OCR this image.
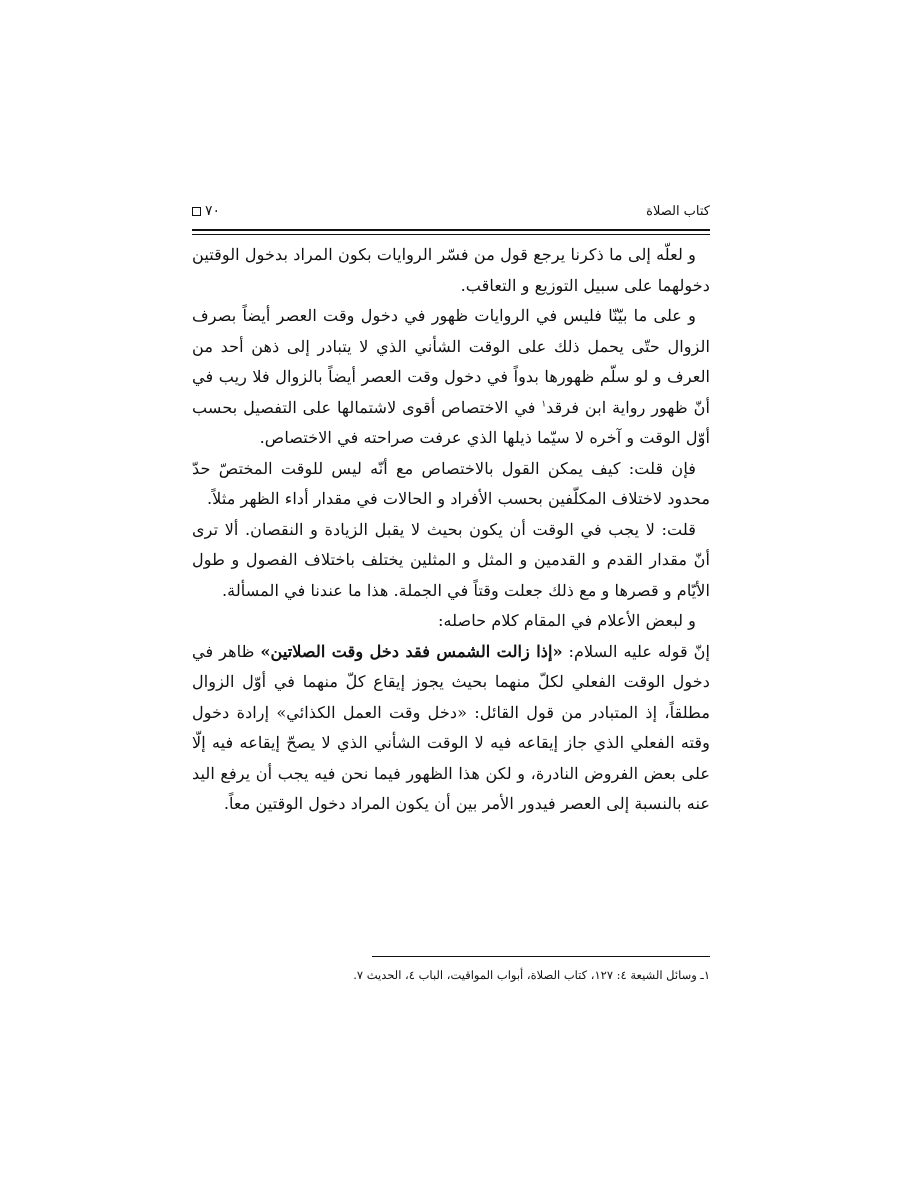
كتاب الصلاة
٧٠

و لعلّه إلى ما ذكرنا يرجع قول من فسّر الروايات بكون المراد بدخول الوقتين دخولهما على سبيل التوزيع و التعاقب.

و على ما بيّنّا فليس في الروايات ظهور في دخول وقت العصر أيضاً بصرف الزوال حتّى يحمل ذلك على الوقت الشأني الذي لا يتبادر إلى ذهن أحد من العرف و لو سلّم ظهورها بدواً في دخول وقت العصر أيضاً بالزوال فلا ريب في أنّ ظهور رواية ابن فرقد$^١$ في الاختصاص أقوى لاشتمالها على التفصيل بحسب أوّل الوقت و آخره لا سيّما ذيلها الذي عرفت صراحته في الاختصاص.

فإن قلت: كيف يمكن القول بالاختصاص مع أنّه ليس للوقت المختصّ حدّ محدود لاختلاف المكلّفين بحسب الأفراد و الحالات في مقدار أداء الظهر مثلاً.

قلت: لا يجب في الوقت أن يكون بحيث لا يقبل الزيادة و النقصان. ألا ترى أنّ مقدار القدم و القدمين و المثل و المثلين يختلف باختلاف الفصول و طول الأيّام و قصرها و مع ذلك جعلت وقتاً في الجملة. هذا ما عندنا في المسألة.

و لبعض الأعلام في المقام كلام حاصله:

إنّ قوله عليه السلام: «إذا زالت الشمس فقد دخل وقت الصلاتين» ظاهر في دخول الوقت الفعلي لكلّ منهما بحيث يجوز إيقاع كلّ منهما في أوّل الزوال مطلقاً، إذ المتبادر من قول القائل: «دخل وقت العمل الكذائي» إرادة دخول وقته الفعلي الذي جاز إيقاعه فيه لا الوقت الشأني الذي لا يصحّ إيقاعه فيه إلّا على بعض الفروض النادرة، و لكن هذا الظهور فيما نحن فيه يجب أن يرفع اليد عنه بالنسبة إلى العصر فيدور الأمر بين أن يكون المراد دخول الوقتين معاً.

١ـ وسائل الشيعة ٤: ١٢٧، كتاب الصلاة، أبواب المواقيت، الباب ٤، الحديث ٧.
